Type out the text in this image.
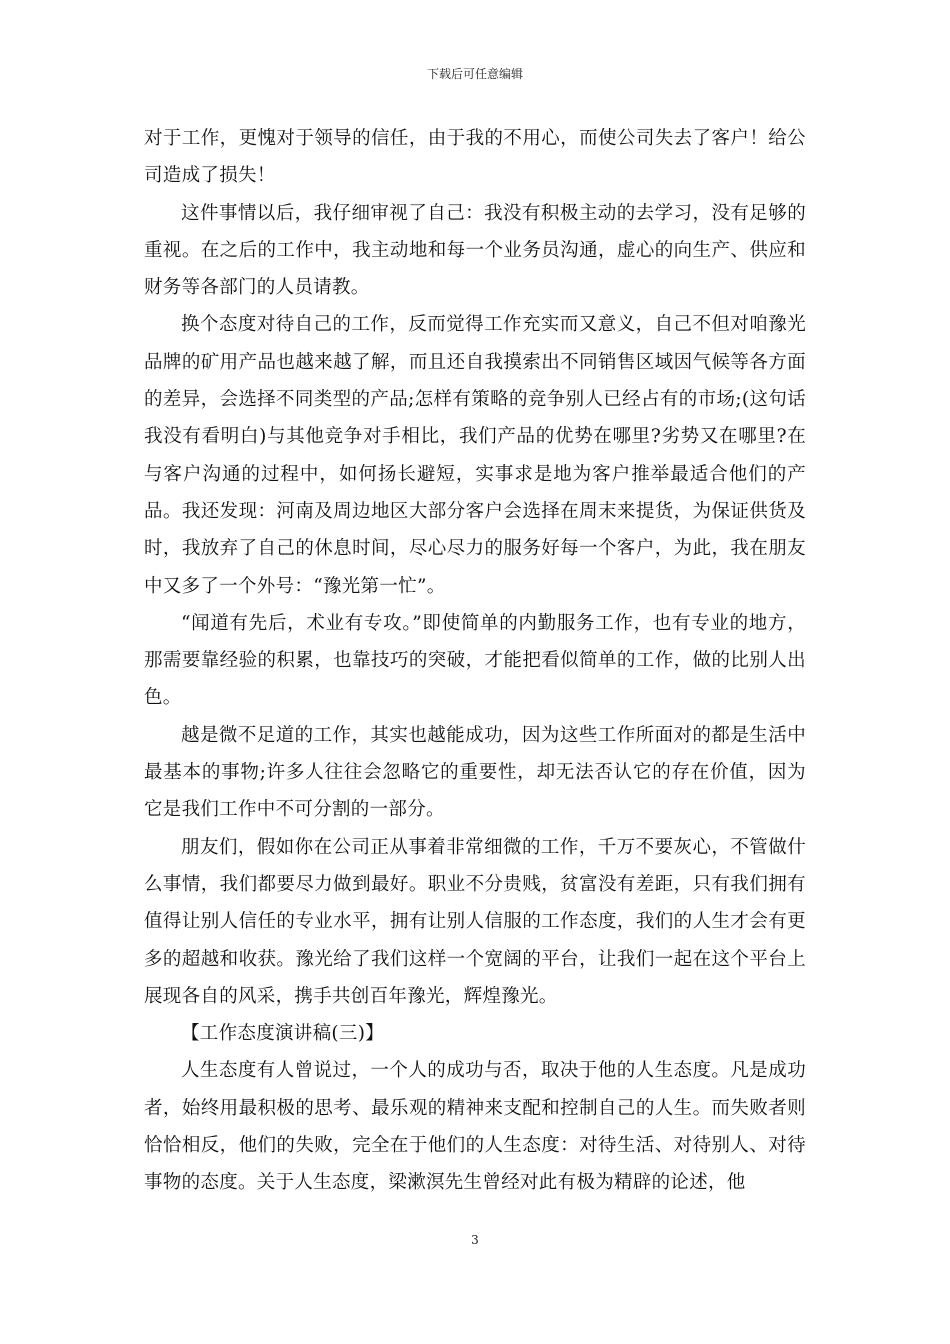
下载后可任意编辑

对于工作，更愧对于领导的信任，由于我的不用心，而使公司失去了客户！给公司造成了损失！

这件事情以后，我仔细审视了自己：我没有积极主动的去学习，没有足够的重视。在之后的工作中，我主动地和每一个业务员沟通，虚心的向生产、供应和财务等各部门的人员请教。

换个态度对待自己的工作，反而觉得工作充实而又意义，自己不但对咱豫光品牌的矿用产品也越来越了解，而且还自我摸索出不同销售区域因气候等各方面的差异，会选择不同类型的产品;怎样有策略的竞争别人已经占有的市场;(这句话我没有看明白)与其他竞争对手相比，我们产品的优势在哪里?劣势又在哪里?在与客户沟通的过程中，如何扬长避短，实事求是地为客户推举最适合他们的产品。我还发现：河南及周边地区大部分客户会选择在周末来提货，为保证供货及时，我放弃了自己的休息时间，尽心尽力的服务好每一个客户，为此，我在朋友中又多了一个外号：“豫光第一忙”。

“闻道有先后，术业有专攻。”即使简单的内勤服务工作，也有专业的地方，那需要靠经验的积累，也靠技巧的突破，才能把看似简单的工作，做的比别人出色。

越是微不足道的工作，其实也越能成功，因为这些工作所面对的都是生活中最基本的事物;许多人往往会忽略它的重要性，却无法否认它的存在价值，因为它是我们工作中不可分割的一部分。

朋友们，假如你在公司正从事着非常细微的工作，千万不要灰心，不管做什么事情，我们都要尽力做到最好。职业不分贵贱，贫富没有差距，只有我们拥有值得让别人信任的专业水平，拥有让别人信服的工作态度，我们的人生才会有更多的超越和收获。豫光给了我们这样一个宽阔的平台，让我们一起在这个平台上展现各自的风采，携手共创百年豫光，辉煌豫光。

【工作态度演讲稿(三)】

人生态度有人曾说过，一个人的成功与否，取决于他的人生态度。凡是成功者，始终用最积极的思考、最乐观的精神来支配和控制自己的人生。而失败者则恰恰相反，他们的失败，完全在于他们的人生态度：对待生活、对待别人、对待事物的态度。关于人生态度，梁漱溟先生曾经对此有极为精辟的论述，他

3
